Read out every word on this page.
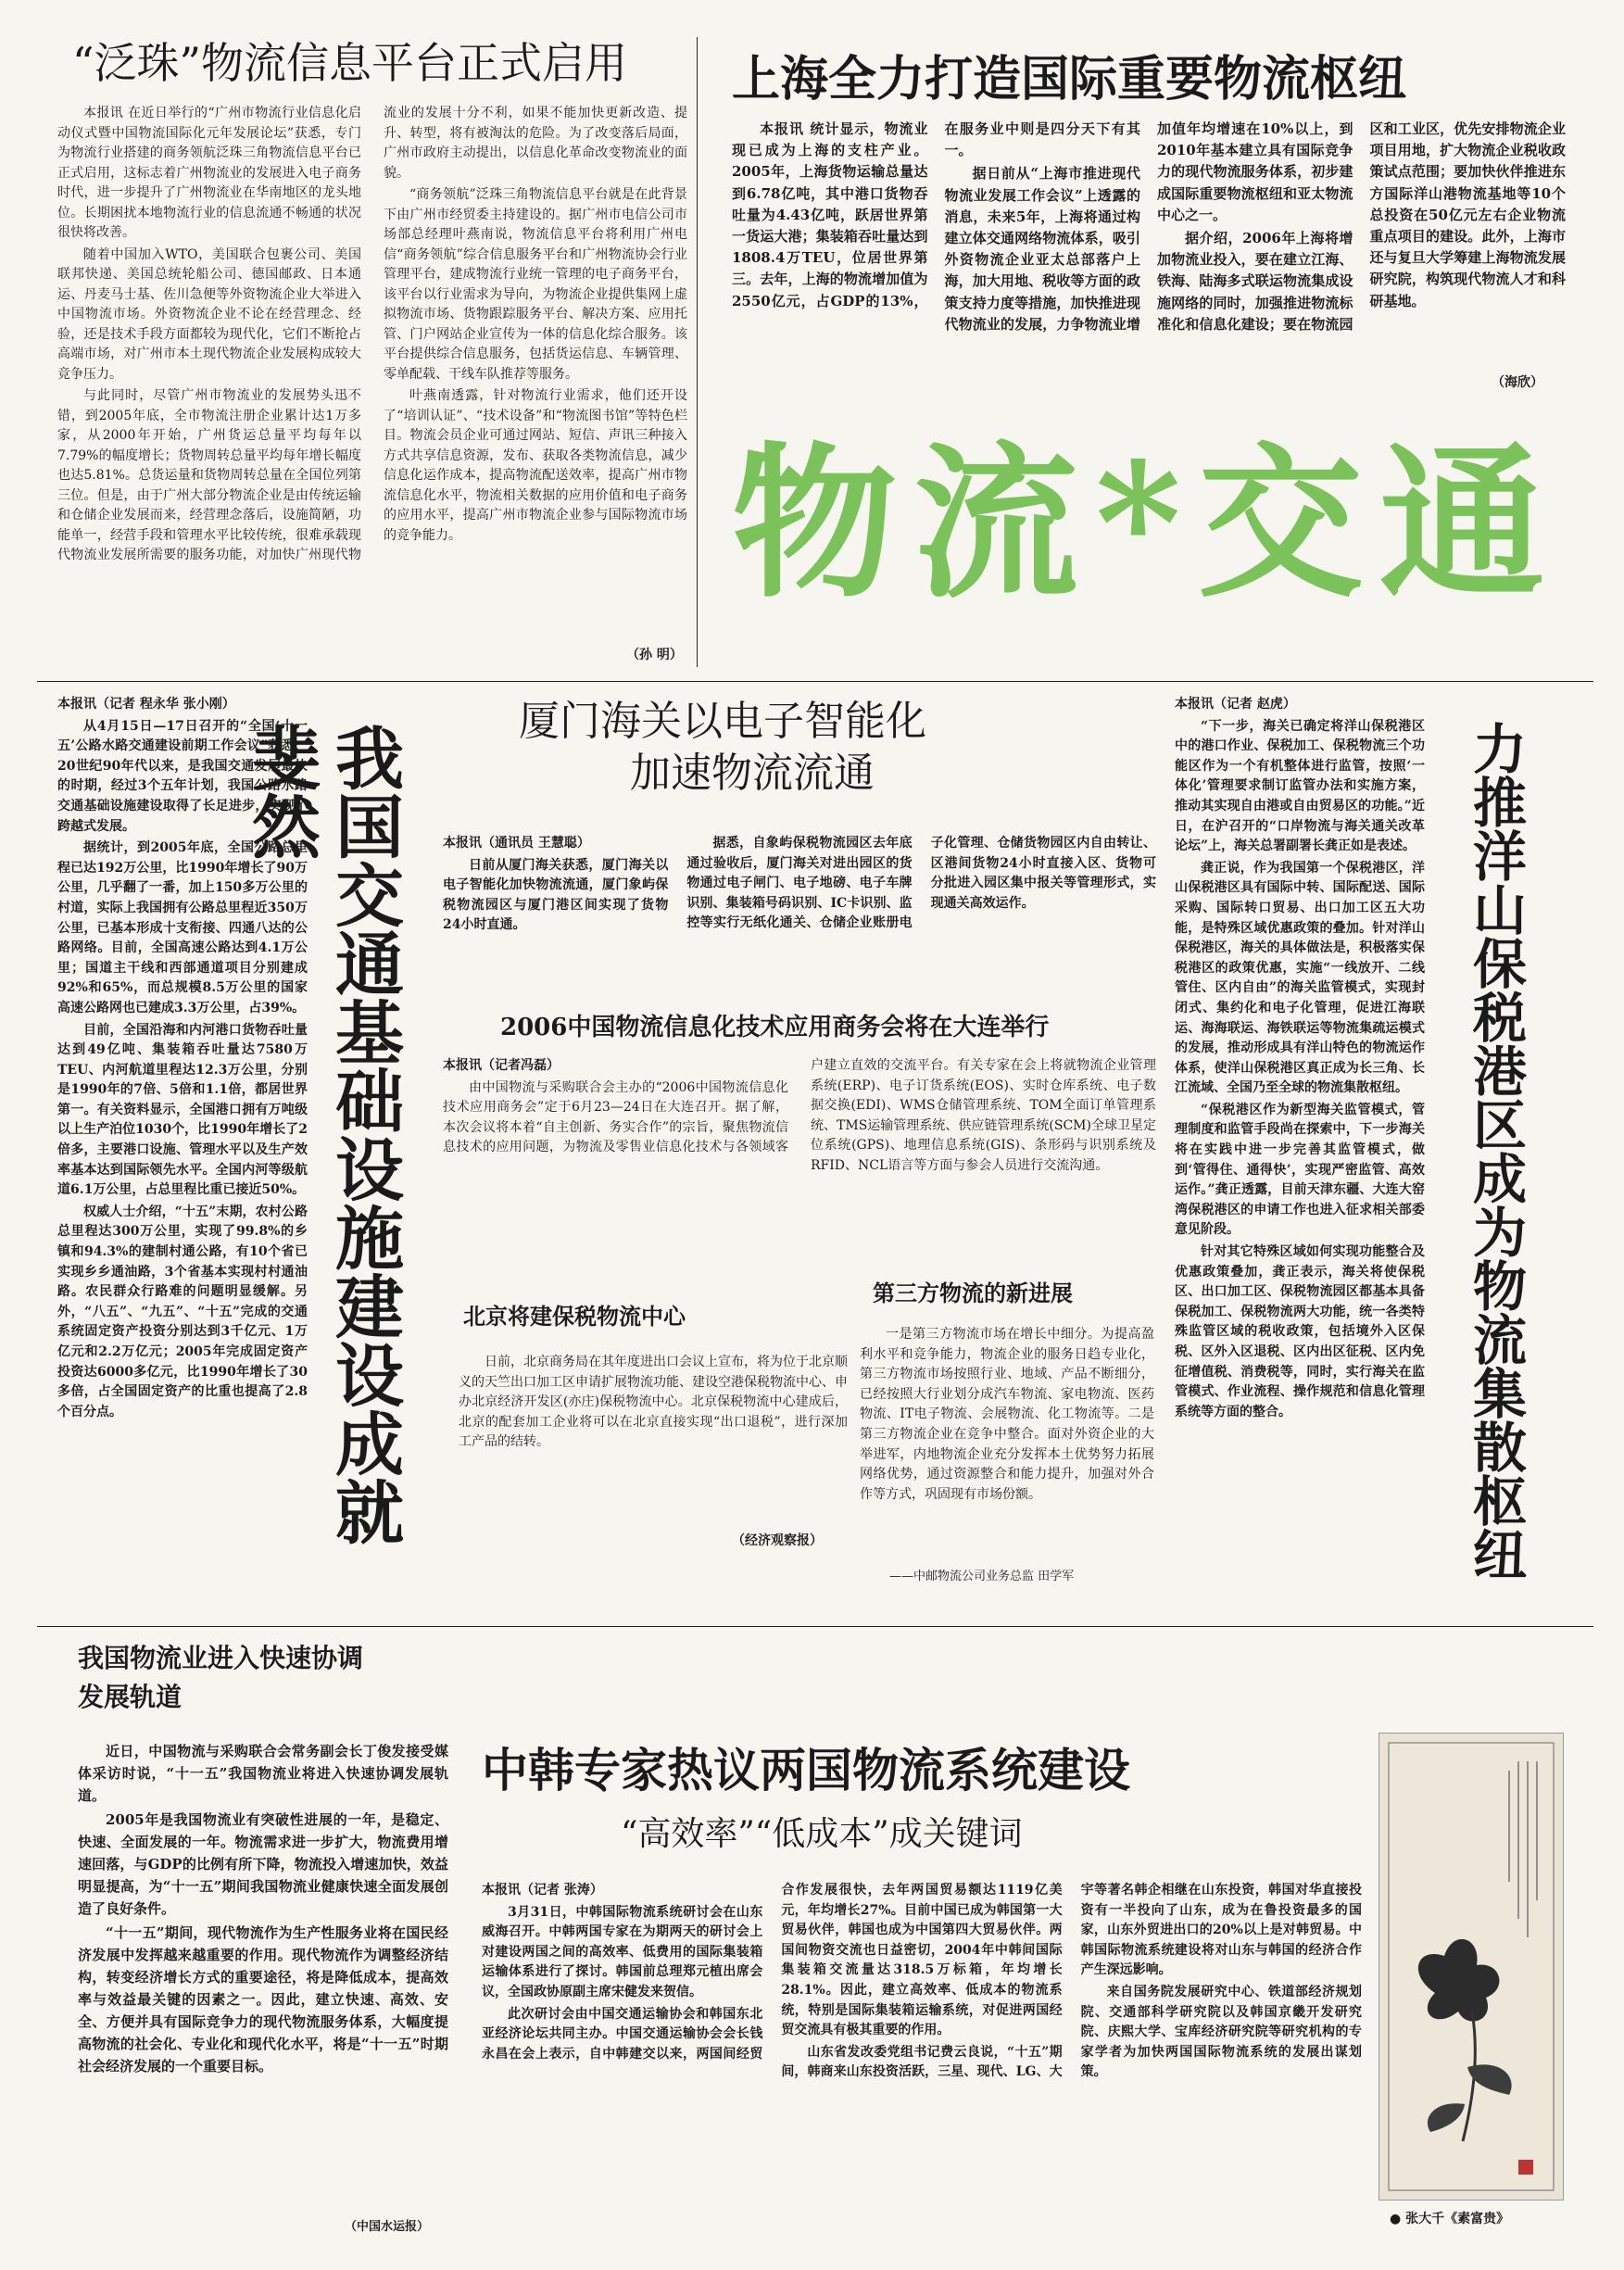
“泛珠”物流信息平台正式启用

本报讯 在近日举行的“广州市物流行业信息化启动仪式暨中国物流国际化元年发展论坛”获悉，专门为物流行业搭建的商务领航泛珠三角物流信息平台已正式启用，这标志着广州物流业的发展进入电子商务时代，进一步提升了广州物流业在华南地区的龙头地位。长期困扰本地物流行业的信息流通不畅通的状况很快将改善。

随着中国加入WTO，美国联合包裹公司、美国联邦快递、美国总统轮船公司、德国邮政、日本通运、丹麦马士基、佐川急便等外资物流企业大举进入中国物流市场。外资物流企业不论在经营理念、经验，还是技术手段方面都较为现代化，它们不断抢占高端市场，对广州市本土现代物流企业发展构成较大竞争压力。

与此同时，尽管广州市物流业的发展势头迅不错，到2005年底，全市物流注册企业累计达1万多家，从2000年开始，广州货运总量平均每年以7.79%的幅度增长；货物周转总量平均每年增长幅度也达5.81%。总货运量和货物周转总量在全国位列第三位。但是，由于广州大部分物流企业是由传统运输和仓储企业发展而来，经营理念落后，设施简陋，功能单一，经营手段和管理水平比较传统，很难承载现代物流业发展所需要的服务功能，对加快广州现代物流业的发展十分不利，如果不能加快更新改造、提升、转型，将有被淘汰的危险。为了改变落后局面，广州市政府主动提出，以信息化革命改变物流业的面貌。

“商务领航”泛珠三角物流信息平台就是在此背景下由广州市经贸委主持建设的。据广州市电信公司市场部总经理叶燕南说，物流信息平台将利用广州电信“商务领航”综合信息服务平台和广州物流协会行业管理平台，建成物流行业统一管理的电子商务平台，该平台以行业需求为导向，为物流企业提供集网上虚拟物流市场、货物跟踪服务平台、解决方案、应用托管、门户网站企业宣传为一体的信息化综合服务。该平台提供综合信息服务，包括货运信息、车辆管理、零单配载、干线车队推荐等服务。

叶燕南透露，针对物流行业需求，他们还开设了“培训认证”、“技术设备”和“物流图书馆”等特色栏目。物流会员企业可通过网站、短信、声讯三种接入方式共享信息资源，发布、获取各类物流信息，减少信息化运作成本，提高物流配送效率，提高广州市物流信息化水平，物流相关数据的应用价值和电子商务的应用水平，提高广州市物流企业参与国际物流市场的竞争能力。

（孙 明）
上海全力打造国际重要物流枢纽

本报讯 统计显示，物流业现已成为上海的支柱产业。2005年，上海货物运输总量达到6.78亿吨，其中港口货物吞吐量为4.43亿吨，跃居世界第一货运大港；集装箱吞吐量达到1808.4万TEU，位居世界第三。去年，上海的物流增加值为2550亿元，占GDP的13%，在服务业中则是四分天下有其一。

据日前从“上海市推进现代物流业发展工作会议”上透露的消息，未来5年，上海将通过构建立体交通网络物流体系，吸引外资物流企业亚太总部落户上海，加大用地、税收等方面的政策支持力度等措施，加快推进现代物流业的发展，力争物流业增加值年均增速在10%以上，到2010年基本建立具有国际竞争力的现代物流服务体系，初步建成国际重要物流枢纽和亚太物流中心之一。

据介绍，2006年上海将增加物流业投入，要在建立江海、铁海、陆海多式联运物流集成设施网络的同时，加强推进物流标准化和信息化建设；要在物流园区和工业区，优先安排物流企业项目用地，扩大物流企业税收政策试点范围；要加快伙伴推进东方国际洋山港物流基地等10个总投资在50亿元左右企业物流重点项目的建设。此外，上海市还与复旦大学筹建上海物流发展研究院，构筑现代物流人才和科研基地。

（海欣）
物流*交通

本报讯（记者 程永华 张小刚）

从4月15日—17日召开的“全国‘十一五’公路水路交通建设前期工作会议”获悉，20世纪90年代以来，是我国交通发展最快的时期，经过3个五年计划，我国公路水路交通基础设施建设取得了长足进步，实现了跨越式发展。

据统计，到2005年底，全国公路总里程已达192万公里，比1990年增长了90万公里，几乎翻了一番，加上150多万公里的村道，实际上我国拥有公路总里程近350万公里，已基本形成十支衔接、四通八达的公路网络。目前，全国高速公路达到4.1万公里；国道主干线和西部通道项目分别建成92%和65%，而总规模8.5万公里的国家高速公路网也已建成3.3万公里，占39%。

目前，全国沿海和内河港口货物吞吐量达到49亿吨、集装箱吞吐量达7580万TEU、内河航道里程达12.3万公里，分别是1990年的7倍、5倍和1.1倍，都居世界第一。有关资料显示，全国港口拥有万吨级以上生产泊位1030个，比1990年增长了2倍多，主要港口设施、管理水平以及生产效率基本达到国际领先水平。全国内河等级航道6.1万公里，占总里程比重已接近50%。

权威人士介绍，“十五”末期，农村公路总里程达300万公里，实现了99.8%的乡镇和94.3%的建制村通公路，有10个省已实现乡乡通油路，3个省基本实现村村通油路。农民群众行路难的问题明显缓解。另外，“八五”、“九五”、“十五”完成的交通系统固定资产投资分别达到3千亿元、1万亿元和2.2万亿元；2005年完成固定资产投资达6000多亿元，比1990年增长了30多倍，占全国固定资产的比重也提高了2.8个百分点。	我国交通基础设施建设成就斐然
厦门海关以电子智能化
加速物流流通

本报讯（通讯员 王慧聪）

日前从厦门海关获悉，厦门海关以电子智能化加快物流流通，厦门象屿保税物流园区与厦门港区间实现了货物24小时直通。

据悉，自象屿保税物流园区去年底通过验收后，厦门海关对进出园区的货物通过电子闸门、电子地磅、电子车牌识别、集装箱号码识别、IC卡识别、监控等实行无纸化通关、仓储企业账册电子化管理、仓储货物园区内自由转让、区港间货物24小时直接入区、货物可分批进入园区集中报关等管理形式，实现通关高效运作。

2006中国物流信息化技术应用商务会将在大连举行

本报讯（记者冯磊）

由中国物流与采购联合会主办的“2006中国物流信息化技术应用商务会”定于6月23—24日在大连召开。据了解，本次会议将本着“自主创新、务实合作”的宗旨，聚焦物流信息技术的应用问题，为物流及零售业信息化技术与各领域客户建立直效的交流平台。有关专家在会上将就物流企业管理系统(ERP)、电子订货系统(EOS)、实时仓库系统、电子数据交换(EDI)、WMS仓储管理系统、TOM全面订单管理系统、TMS运输管理系统、供应链管理系统(SCM)全球卫星定位系统(GPS)、地理信息系统(GIS)、条形码与识别系统及RFID、NCL语言等方面与参会人员进行交流沟通。

北京将建保税物流中心

日前，北京商务局在其年度进出口会议上宣布，将为位于北京顺义的天竺出口加工区申请扩展物流功能、建设空港保税物流中心、申办北京经济开发区(亦庄)保税物流中心。北京保税物流中心建成后，北京的配套加工企业将可以在北京直接实现“出口退税”，进行深加工产品的结转。

（经济观察报）
第三方物流的新进展

一是第三方物流市场在增长中细分。为提高盈利水平和竞争能力，物流企业的服务日趋专业化，第三方物流市场按照行业、地域、产品不断细分，已经按照大行业划分成汽车物流、家电物流、医药物流、IT电子物流、会展物流、化工物流等。二是第三方物流企业在竞争中整合。面对外资企业的大举进军，内地物流企业充分发挥本土优势努力拓展网络优势，通过资源整合和能力提升，加强对外合作等方式，巩固现有市场份额。

——中邮物流公司业务总监 田学军

本报讯（记者 赵虎）

“下一步，海关已确定将洋山保税港区中的港口作业、保税加工、保税物流三个功能区作为一个有机整体进行监管，按照‘一体化’管理要求制订监管办法和实施方案，推动其实现自由港或自由贸易区的功能。”近日，在沪召开的“口岸物流与海关通关改革论坛”上，海关总署副署长龚正如是表述。

龚正说，作为我国第一个保税港区，洋山保税港区具有国际中转、国际配送、国际采购、国际转口贸易、出口加工区五大功能，是特殊区域优惠政策的叠加。针对洋山保税港区，海关的具体做法是，积极落实保税港区的政策优惠，实施“一线放开、二线管住、区内自由”的海关监管模式，实现封闭式、集约化和电子化管理，促进江海联运、海海联运、海铁联运等物流集疏运模式的发展，推动形成具有洋山特色的物流运作体系，使洋山保税港区真正成为长三角、长江流域、全国乃至全球的物流集散枢纽。

“保税港区作为新型海关监管模式，管理制度和监管手段尚在探索中，下一步海关将在实践中进一步完善其监管模式，做到‘管得住、通得快’，实现严密监管、高效运作。”龚正透露，目前天津东疆、大连大窑湾保税港区的申请工作也进入征求相关部委意见阶段。

针对其它特殊区域如何实现功能整合及优惠政策叠加，龚正表示，海关将使保税区、出口加工区、保税物流园区都基本具备保税加工、保税物流两大功能，统一各类特殊监管区域的税收政策，包括境外入区保税、区外入区退税、区内出区征税、区内免征增值税、消费税等，同时，实行海关在监管模式、作业流程、操作规范和信息化管理系统等方面的整合。	力推洋山保税港区成为物流集散枢纽
我国物流业进入快速协调
发展轨道

近日，中国物流与采购联合会常务副会长丁俊发接受媒体采访时说，“十一五”我国物流业将进入快速协调发展轨道。

2005年是我国物流业有突破性进展的一年，是稳定、快速、全面发展的一年。物流需求进一步扩大，物流费用增速回落，与GDP的比例有所下降，物流投入增速加快，效益明显提高，为“十一五”期间我国物流业健康快速全面发展创造了良好条件。

“十一五”期间，现代物流作为生产性服务业将在国民经济发展中发挥越来越重要的作用。现代物流作为调整经济结构，转变经济增长方式的重要途径，将是降低成本，提高效率与效益最关键的因素之一。因此，建立快速、高效、安全、方便并具有国际竞争力的现代物流服务体系，大幅度提高物流的社会化、专业化和现代化水平，将是“十一五”时期社会经济发展的一个重要目标。

（中国水运报）
中韩专家热议两国物流系统建设
“高效率”“低成本”成关键词

本报讯（记者 张涛）

3月31日，中韩国际物流系统研讨会在山东威海召开。中韩两国专家在为期两天的研讨会上对建设两国之间的高效率、低费用的国际集装箱运输体系进行了探讨。韩国前总理郑元植出席会议，全国政协原副主席宋健发来贺信。

此次研讨会由中国交通运输协会和韩国东北亚经济论坛共同主办。中国交通运输协会会长钱永昌在会上表示，自中韩建交以来，两国间经贸合作发展很快，去年两国贸易额达1119亿美元，年均增长27%。目前中国已成为韩国第一大贸易伙伴，韩国也成为中国第四大贸易伙伴。两国间物资交流也日益密切，2004年中韩间国际集装箱交流量达318.5万标箱，年均增长28.1%。因此，建立高效率、低成本的物流系统，特别是国际集装箱运输系统，对促进两国经贸交流具有极其重要的作用。

山东省发改委党组书记费云良说，“十五”期间，韩商来山东投资活跃，三星、现代、LG、大宇等著名韩企相继在山东投资，韩国对华直接投资有一半投向了山东，成为在鲁投资最多的国家，山东外贸进出口的20%以上是对韩贸易。中韩国际物流系统建设将对山东与韩国的经济合作产生深远影响。

来自国务院发展研究中心、铁道部经济规划院、交通部科学研究院以及韩国京畿开发研究院、庆熙大学、宝库经济研究院等研究机构的专家学者为加快两国国际物流系统的发展出谋划策。

● 张大千《素富贵》
